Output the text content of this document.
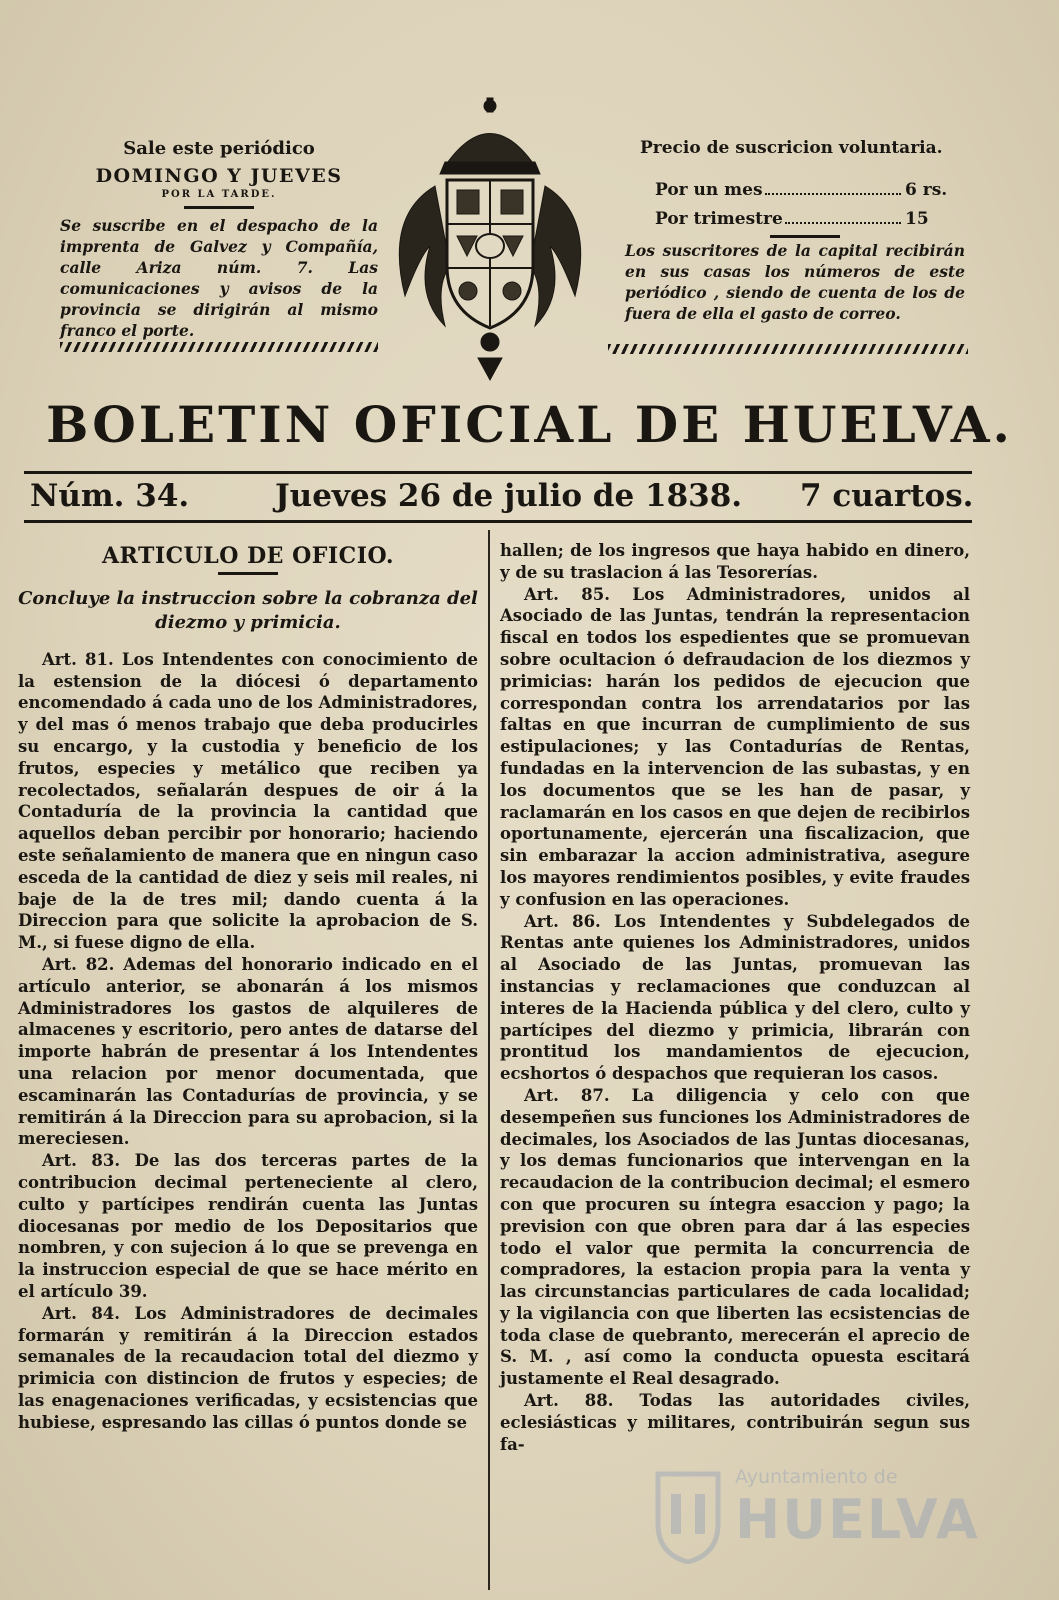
Sale este periódico
DOMINGO Y JUEVES
POR LA TARDE.
Se suscribe en el despacho de la imprenta de Galvez y Compañía, calle Ariza núm. 7. Las comunicaciones y avisos de la provincia se dirigirán al mismo franco el porte.
Precio de suscricion voluntaria.
Por un mes	6 rs.
Por trimestre	15
Los suscritores de la capital recibirán en sus casas los números de este periódico , siendo de cuenta de los de fuera de ella el gasto de correo.
BOLETIN OFICIAL DE HUELVA.
Núm. 34.	Jueves 26 de julio de 1838. 7 cuartos.
ARTICULO DE OFICIO.
Concluye la instruccion sobre la cobranza del diezmo y primicia.

Art. 81. Los Intendentes con conocimiento de la estension de la diócesi ó departamento encomendado á cada uno de los Administradores, y del mas ó menos trabajo que deba producirles su encargo, y la custodia y beneficio de los frutos, especies y metálico que reciben ya recolectados, señalarán despues de oir á la Contaduría de la provincia la cantidad que aquellos deban percibir por honorario; haciendo este señalamiento de manera que en ningun caso esceda de la cantidad de diez y seis mil reales, ni baje de la de tres mil; dando cuenta á la Direccion para que solicite la aprobacion de S. M., si fuese digno de ella.

Art. 82. Ademas del honorario indicado en el artículo anterior, se abonarán á los mismos Administradores los gastos de alquileres de almacenes y escritorio, pero antes de datarse del importe habrán de presentar á los Intendentes una relacion por menor documentada, que escaminarán las Contadurías de provincia, y se remitirán á la Direccion para su aprobacion, si la mereciesen.

Art. 83. De las dos terceras partes de la contribucion decimal perteneciente al clero, culto y partícipes rendirán cuenta las Juntas diocesanas por medio de los Depositarios que nombren, y con sujecion á lo que se prevenga en la instruccion especial de que se hace mérito en el artículo 39.

Art. 84. Los Administradores de decimales formarán y remitirán á la Direccion estados semanales de la recaudacion total del diezmo y primicia con distincion de frutos y especies; de las enagenaciones verificadas, y ecsistencias que hubiese, espresando las cillas ó puntos donde se

hallen; de los ingresos que haya habido en dinero, y de su traslacion á las Tesorerías.

Art. 85. Los Administradores, unidos al Asociado de las Juntas, tendrán la representacion fiscal en todos los espedientes que se promuevan sobre ocultacion ó defraudacion de los diezmos y primicias: harán los pedidos de ejecucion que correspondan contra los arrendatarios por las faltas en que incurran de cumplimiento de sus estipulaciones; y las Contadurías de Rentas, fundadas en la intervencion de las subastas, y en los documentos que se les han de pasar, y raclamarán en los casos en que dejen de recibirlos oportunamente, ejercerán una fiscalizacion, que sin embarazar la accion administrativa, asegure los mayores rendimientos posibles, y evite fraudes y confusion en las operaciones.

Art. 86. Los Intendentes y Subdelegados de Rentas ante quienes los Administradores, unidos al Asociado de las Juntas, promuevan las instancias y reclamaciones que conduzcan al interes de la Hacienda pública y del clero, culto y partícipes del diezmo y primicia, librarán con prontitud los mandamientos de ejecucion, ecshortos ó despachos que requieran los casos.

Art. 87. La diligencia y celo con que desempeñen sus funciones los Administradores de decimales, los Asociados de las Juntas diocesanas, y los demas funcionarios que intervengan en la recaudacion de la contribucion decimal; el esmero con que procuren su íntegra esaccion y pago; la prevision con que obren para dar á las especies todo el valor que permita la concurrencia de compradores, la estacion propia para la venta y las circunstancias particulares de cada localidad; y la vigilancia con que liberten las ecsistencias de toda clase de quebranto, merecerán el aprecio de S. M. , así como la conducta opuesta escitará justamente el Real desagrado.

Art. 88. Todas las autoridades civiles, eclesiásticas y militares, contribuirán segun sus fa-

Ayuntamiento de
HUELVA
